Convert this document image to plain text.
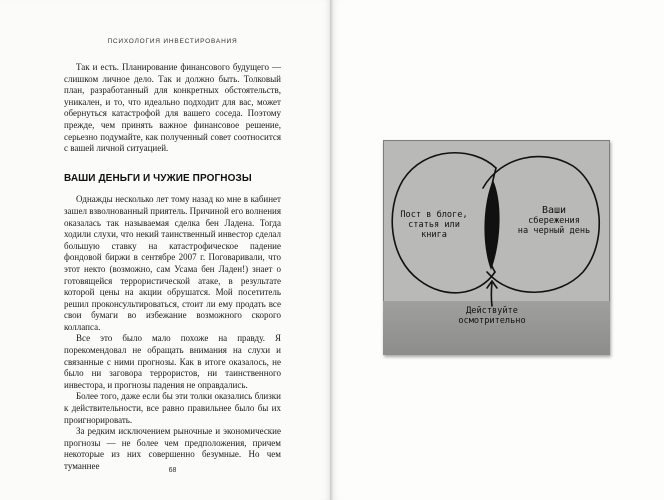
ПСИХОЛОГИЯ ИНВЕСТИРОВАНИЯ

Так и есть. Планирование финансового будущего — слишком личное дело. Так и должно быть. Толковый план, разработанный для конкретных обстоятельств, уникален, и то, что идеально подходит для вас, может обернуться катастрофой для вашего соседа. Поэтому прежде, чем принять важное финансовое решение, серьезно подумайте, как полученный совет соотносится с вашей личной ситуацией.

ВАШИ ДЕНЬГИ И ЧУЖИЕ ПРОГНОЗЫ

Однажды несколько лет тому назад ко мне в кабинет зашел взволнованный приятель. Причиной его волнения оказалась так называемая сделка бен Ладена. Тогда ходили слухи, что некий таинственный инвестор сделал большую ставку на катастрофическое падение фондовой биржи в сентябре 2007 г. Поговаривали, что этот некто (возможно, сам Усама бен Ладен!) знает о готовящейся террористической атаке, в результате которой цены на акции обрушатся. Мой посетитель решил проконсультироваться, стоит ли ему продать все свои бумаги во избежание возможного скорого коллапса.

Все это было мало похоже на правду. Я порекомендовал не обращать внимания на слухи и связанные с ними прогнозы. Как в итоге оказалось, не было ни заговора террористов, ни таинственного инвестора, и прогнозы падения не оправдались.

Более того, даже если бы эти толки оказались близки к действительности, все равно правильнее было бы их проигнорировать.

За редким исключением рыночные и экономические прогнозы — не более чем предположения, причем некоторые из них совершенно безумные. Но чем туманнее	68
Пост в блоге,
статья или
книга
Ваши
сбережения
на черный день
Действуйте
осмотрительно
